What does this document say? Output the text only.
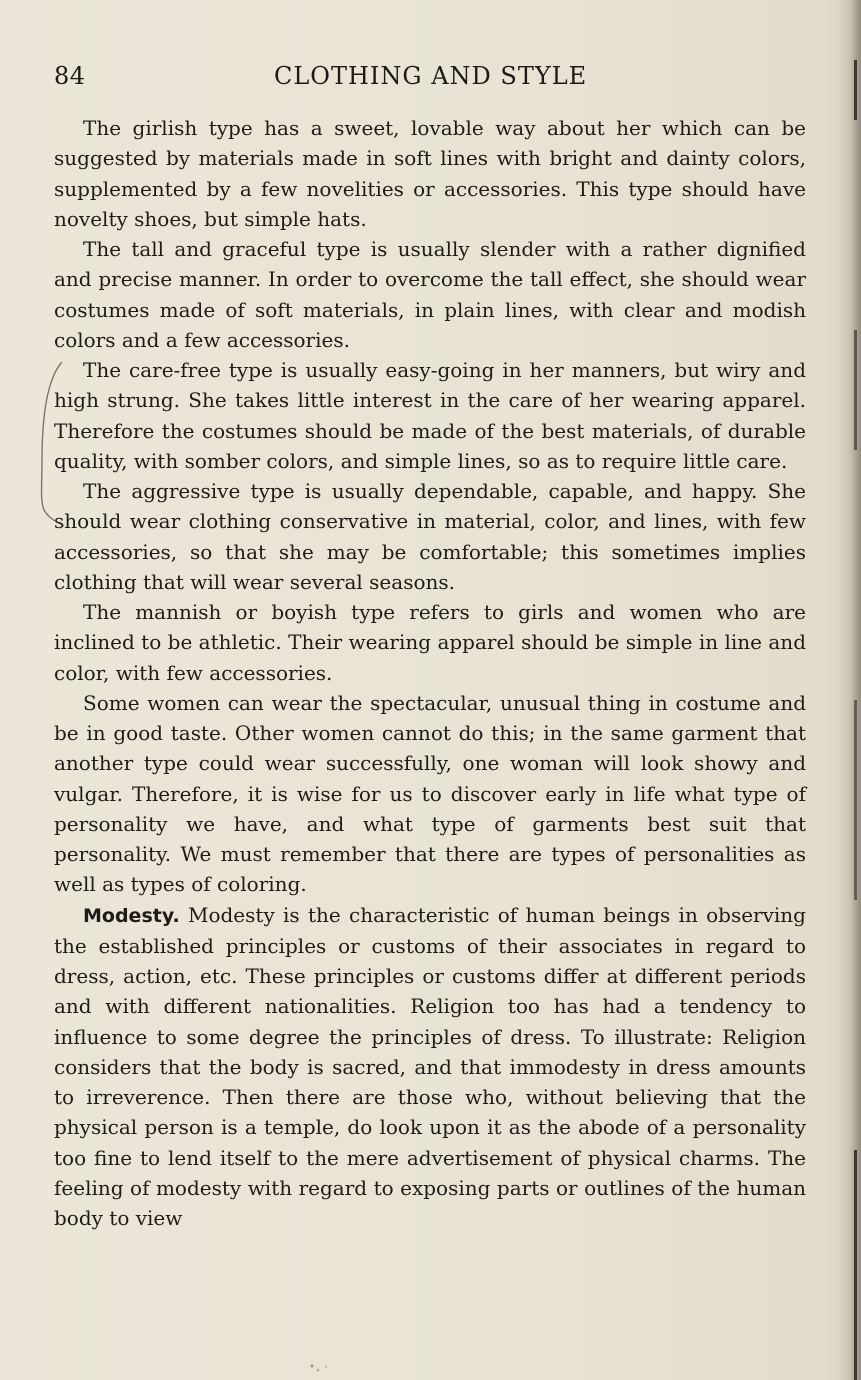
84	CLOTHING AND STYLE

The girlish type has a sweet, lovable way about her which can be suggested by materials made in soft lines with bright and dainty colors, supplemented by a few novelities or accessories. This type should have novelty shoes, but simple hats.

The tall and graceful type is usually slender with a rather dignified and precise manner. In order to overcome the tall effect, she should wear costumes made of soft materials, in plain lines, with clear and modish colors and a few accessories.

The care-free type is usually easy-going in her manners, but wiry and high strung. She takes little interest in the care of her wearing apparel. Therefore the costumes should be made of the best materials, of durable quality, with somber colors, and simple lines, so as to require little care.

The aggressive type is usually dependable, capable, and happy. She should wear clothing conservative in material, color, and lines, with few accessories, so that she may be comfortable; this sometimes implies clothing that will wear several seasons.

The mannish or boyish type refers to girls and women who are inclined to be athletic. Their wearing apparel should be simple in line and color, with few accessories.

Some women can wear the spectacular, unusual thing in costume and be in good taste. Other women cannot do this; in the same garment that another type could wear successfully, one woman will look showy and vulgar. Therefore, it is wise for us to discover early in life what type of personality we have, and what type of garments best suit that personality. We must remember that there are types of personalities as well as types of coloring.

Modesty. Modesty is the characteristic of human beings in observing the established principles or customs of their associates in regard to dress, action, etc. These principles or customs differ at different periods and with different nationalities. Religion too has had a tendency to influence to some degree the principles of dress. To illustrate: Religion considers that the body is sacred, and that immodesty in dress amounts to irreverence. Then there are those who, without believing that the physical person is a temple, do look upon it as the abode of a personality too fine to lend itself to the mere advertisement of physical charms. The feeling of modesty with regard to exposing parts or outlines of the human body to view
